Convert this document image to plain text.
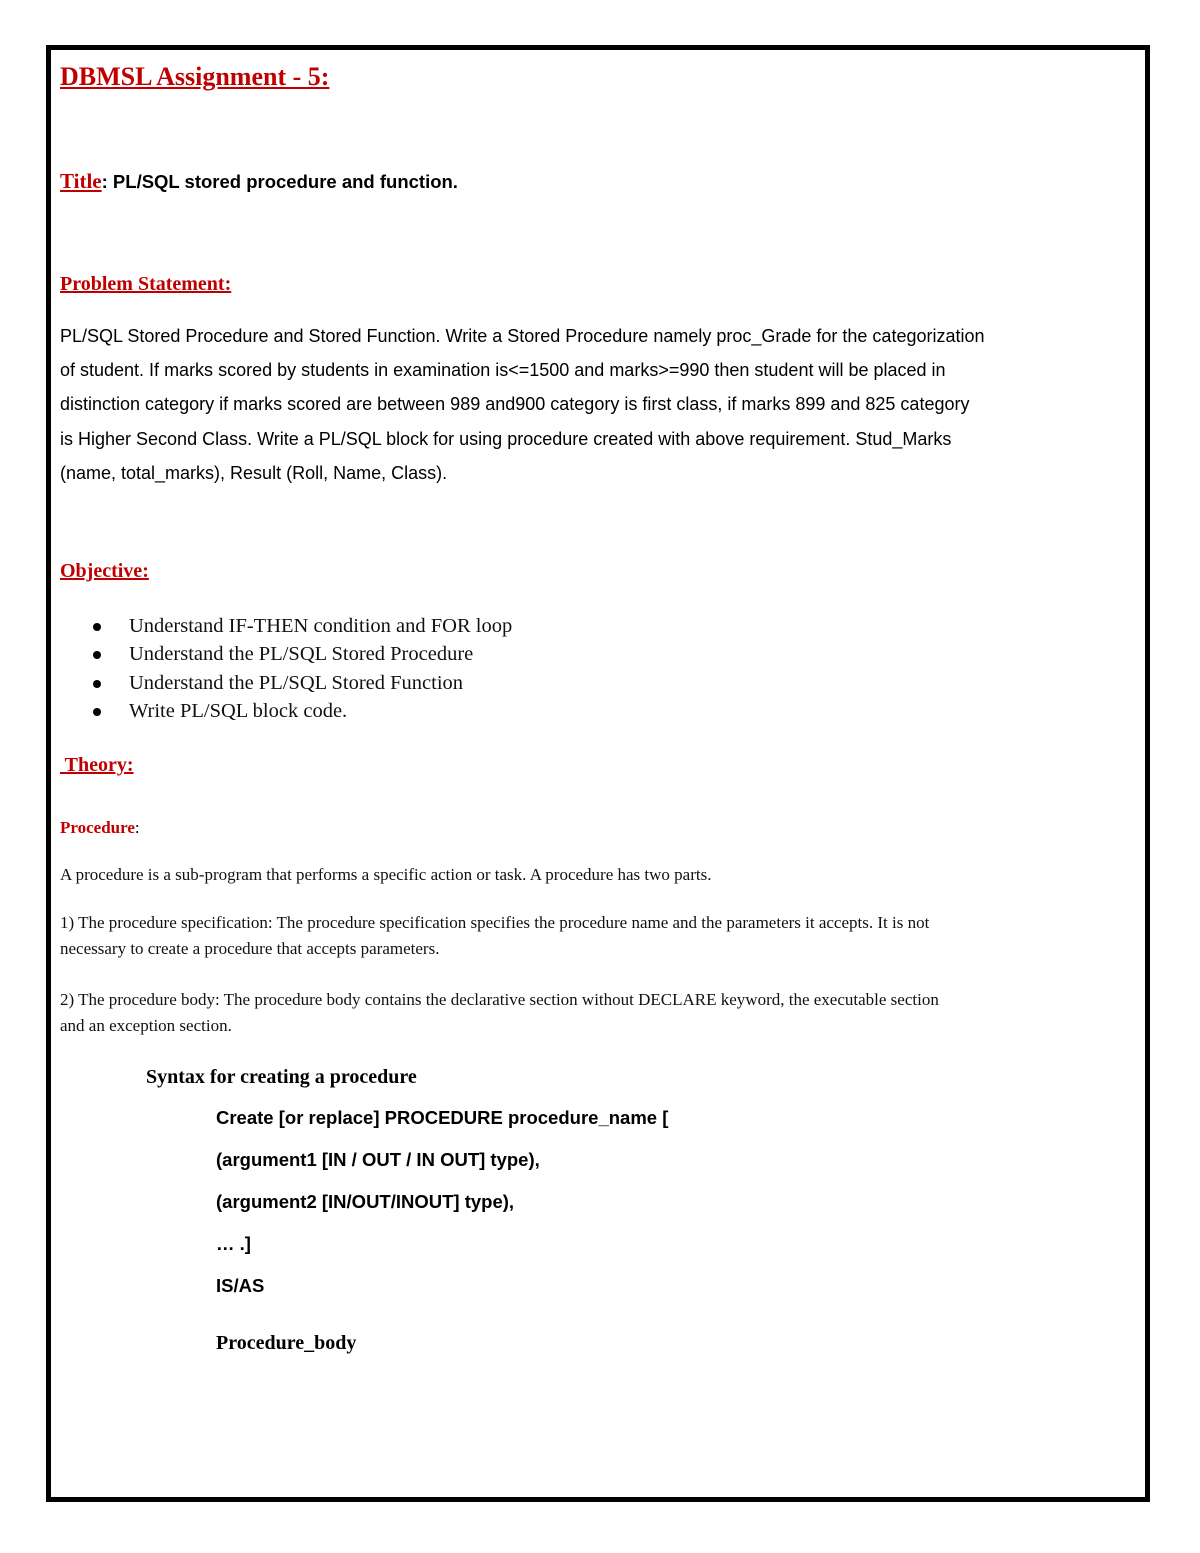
DBMSL Assignment - 5:
Title: PL/SQL stored procedure and function.
Problem Statement:
PL/SQL Stored Procedure and Stored Function. Write a Stored Procedure namely proc_Grade for the categorization
of student. If marks scored by students in examination is<=1500 and marks>=990 then student will be placed in
distinction category if marks scored are between 989 and900 category is first class, if marks 899 and 825 category
is Higher Second Class. Write a PL/SQL block for using procedure created with above requirement. Stud_Marks
(name, total_marks), Result (Roll, Name, Class).
Objective:
Understand IF-THEN condition and FOR loop
Understand the PL/SQL Stored Procedure
Understand the PL/SQL Stored Function
Write PL/SQL block code.
Theory:
Procedure:
A procedure is a sub-program that performs a specific action or task. A procedure has two parts.
1) The procedure specification: The procedure specification specifies the procedure name and the parameters it accepts. It is not
necessary to create a procedure that accepts parameters.
2) The procedure body: The procedure body contains the declarative section without DECLARE keyword, the executable section
and an exception section.
Syntax for creating a procedure
Create [or replace] PROCEDURE procedure_name [
(argument1 [IN / OUT / IN OUT] type),
(argument2 [IN/OUT/INOUT] type),
… .]
IS/AS
Procedure_body
